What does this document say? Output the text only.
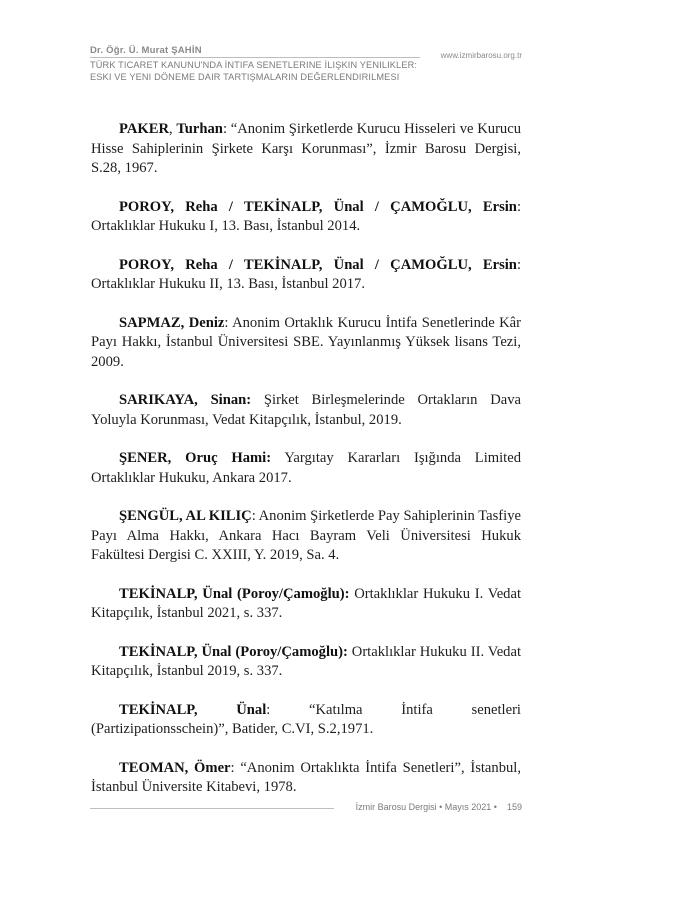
Dr. Öğr. Ü. Murat ŞAHİN	www.izmirbarosu.org.tr
TÜRK TICARET KANUNU'NDA İNTIFA SENETLERINE İLIŞKIN YENILIKLER:
ESKI VE YENI DÖNEME DAIR TARTIŞMALARIN DEĞERLENDIRILMESI

PAKER, Turhan: “Anonim Şirketlerde Kurucu Hisseleri ve Kurucu Hisse Sahiplerinin Şirkete Karşı Korunması”, İzmir Barosu Dergisi, S.28, 1967.

POROY, Reha / TEKİNALP, Ünal / ÇAMOĞLU, Ersin: Ortaklıklar Hukuku I, 13. Bası, İstanbul 2014.

POROY, Reha / TEKİNALP, Ünal / ÇAMOĞLU, Ersin: Ortaklıklar Hukuku II, 13. Bası, İstanbul 2017.

SAPMAZ, Deniz: Anonim Ortaklık Kurucu İntifa Senetlerinde Kâr Payı Hakkı, İstanbul Üniversitesi SBE. Yayınlanmış Yüksek lisans Tezi, 2009.

SARIKAYA, Sinan: Şirket Birleşmelerinde Ortakların Dava Yoluyla Korunması, Vedat Kitapçılık, İstanbul, 2019.

ŞENER, Oruç Hami: Yargıtay Kararları Işığında Limited Ortaklıklar Hukuku, Ankara 2017.

ŞENGÜL, AL KILIÇ: Anonim Şirketlerde Pay Sahiplerinin Tasfiye Payı Alma Hakkı, Ankara Hacı Bayram Veli Üniversitesi Hukuk Fakültesi Dergisi C. XXIII, Y. 2019, Sa. 4.

TEKİNALP, Ünal (Poroy/Çamoğlu): Ortaklıklar Hukuku I. Vedat Kitapçılık, İstanbul 2021, s. 337.

TEKİNALP, Ünal (Poroy/Çamoğlu): Ortaklıklar Hukuku II. Vedat Kitapçılık, İstanbul 2019, s. 337.

TEKİNALP, Ünal: “Katılma İntifa senetleri (Partizipationsschein)”, Batider, C.VI, S.2,1971.

TEOMAN, Ömer: “Anonim Ortaklıkta İntifa Senetleri”, İstanbul, İstanbul Üniversite Kitabevi, 1978.

İzmir Barosu Dergisi • Mayıs 2021 • 159
